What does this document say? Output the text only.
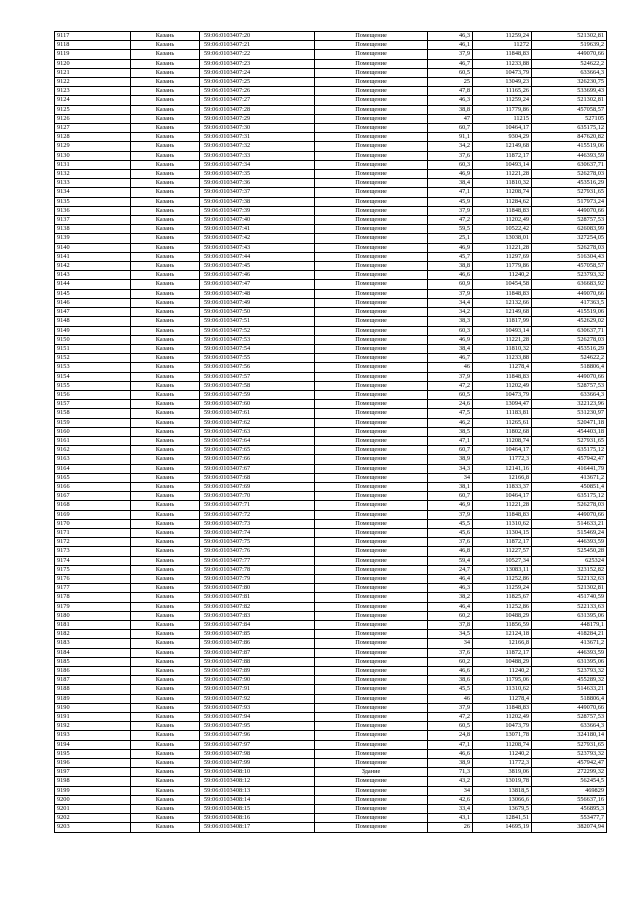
9117	Казань	59:06:0103407:20	Помещение	46,3	11259,24	521302,81
9118	Казань	59:06:0103407:21	Помещение	46,1	11272	519639,2
9119	Казань	59:06:0103407:22	Помещение	37,9	11848,83	449070,66
9120	Казань	59:06:0103407:23	Помещение	46,7	11233,88	524622,2
9121	Казань	59:06:0103407:24	Помещение	60,5	10473,79	633664,3
9122	Казань	59:06:0103407:25	Помещение	25	13049,23	326230,75
9123	Казань	59:06:0103407:26	Помещение	47,8	11165,26	533699,43
9124	Казань	59:06:0103407:27	Помещение	46,3	11259,24	521302,81
9125	Казань	59:06:0103407:28	Помещение	38,8	11779,86	457058,57
9126	Казань	59:06:0103407:29	Помещение	47	11215	527105
9127	Казань	59:06:0103407:30	Помещение	60,7	10464,17	635175,12
9128	Казань	59:06:0103407:31	Помещение	91,1	9304,29	847620,82
9129	Казань	59:06:0103407:32	Помещение	34,2	12149,68	415519,06
9130	Казань	59:06:0103407:33	Помещение	37,6	11872,17	446393,59
9131	Казань	59:06:0103407:34	Помещение	60,3	10493,14	630637,71
9132	Казань	59:06:0103407:35	Помещение	46,9	11221,28	526278,03
9133	Казань	59:06:0103407:36	Помещение	38,4	11810,32	453516,29
9134	Казань	59:06:0103407:37	Помещение	47,1	11208,74	527931,65
9135	Казань	59:06:0103407:38	Помещение	45,9	11284,62	517973,24
9136	Казань	59:06:0103407:39	Помещение	37,9	11848,83	449070,66
9137	Казань	59:06:0103407:40	Помещение	47,2	11202,49	528757,53
9138	Казань	59:06:0103407:41	Помещение	59,5	10522,42	626083,99
9139	Казань	59:06:0103407:42	Помещение	25,1	13038,01	327254,05
9140	Казань	59:06:0103407:43	Помещение	46,9	11221,28	526278,03
9141	Казань	59:06:0103407:44	Помещение	45,7	11297,69	516304,43
9142	Казань	59:06:0103407:45	Помещение	38,8	11779,86	457058,57
9143	Казань	59:06:0103407:46	Помещение	46,6	11240,2	523793,32
9144	Казань	59:06:0103407:47	Помещение	60,9	10454,58	636683,92
9145	Казань	59:06:0103407:48	Помещение	37,9	11848,83	449070,66
9146	Казань	59:06:0103407:49	Помещение	34,4	12132,66	417363,5
9147	Казань	59:06:0103407:50	Помещение	34,2	12149,68	415519,06
9148	Казань	59:06:0103407:51	Помещение	38,3	11817,99	452629,02
9149	Казань	59:06:0103407:52	Помещение	60,3	10493,14	630637,71
9150	Казань	59:06:0103407:53	Помещение	46,9	11221,28	526278,03
9151	Казань	59:06:0103407:54	Помещение	38,4	11810,32	453516,29
9152	Казань	59:06:0103407:55	Помещение	46,7	11233,88	524622,2
9153	Казань	59:06:0103407:56	Помещение	46	11278,4	518806,4
9154	Казань	59:06:0103407:57	Помещение	37,9	11848,83	449070,66
9155	Казань	59:06:0103407:58	Помещение	47,2	11202,49	528757,53
9156	Казань	59:06:0103407:59	Помещение	60,5	10473,79	633664,3
9157	Казань	59:06:0103407:60	Помещение	24,6	13094,47	322123,96
9158	Казань	59:06:0103407:61	Помещение	47,5	11183,81	531230,97
9159	Казань	59:06:0103407:62	Помещение	46,2	11265,61	520471,18
9160	Казань	59:06:0103407:63	Помещение	38,5	11802,68	454403,18
9161	Казань	59:06:0103407:64	Помещение	47,1	11208,74	527931,65
9162	Казань	59:06:0103407:65	Помещение	60,7	10464,17	635175,12
9163	Казань	59:06:0103407:66	Помещение	38,9	11772,3	457942,47
9164	Казань	59:06:0103407:67	Помещение	34,3	12141,16	416441,79
9165	Казань	59:06:0103407:68	Помещение	34	12166,8	413671,2
9166	Казань	59:06:0103407:69	Помещение	38,1	11833,37	450851,4
9167	Казань	59:06:0103407:70	Помещение	60,7	10464,17	635175,12
9168	Казань	59:06:0103407:71	Помещение	46,9	11221,28	526278,03
9169	Казань	59:06:0103407:72	Помещение	37,9	11848,83	449070,66
9170	Казань	59:06:0103407:73	Помещение	45,5	11310,62	514633,21
9171	Казань	59:06:0103407:74	Помещение	45,6	11304,15	515469,24
9172	Казань	59:06:0103407:75	Помещение	37,6	11872,17	446393,59
9173	Казань	59:06:0103407:76	Помещение	46,8	11227,57	525450,28
9174	Казань	59:06:0103407:77	Помещение	59,4	10527,34	625324
9175	Казань	59:06:0103407:78	Помещение	24,7	13083,11	323152,82
9176	Казань	59:06:0103407:79	Помещение	46,4	11252,86	522132,63
9177	Казань	59:06:0103407:80	Помещение	46,3	11259,24	521302,81
9178	Казань	59:06:0103407:81	Помещение	38,2	11825,67	451740,59
9179	Казань	59:06:0103407:82	Помещение	46,4	11252,86	522133,63
9180	Казань	59:06:0103407:83	Помещение	60,2	10488,29	631395,06
9181	Казань	59:06:0103407:84	Помещение	37,8	11856,59	448179,1
9182	Казань	59:06:0103407:85	Помещение	34,5	12124,18	418284,21
9183	Казань	59:06:0103407:86	Помещение	34	12166,8	413671,2
9184	Казань	59:06:0103407:87	Помещение	37,6	11872,17	446393,59
9185	Казань	59:06:0103407:88	Помещение	60,2	10488,29	631395,06
9186	Казань	59:06:0103407:89	Помещение	46,6	11240,2	523793,32
9187	Казань	59:06:0103407:90	Помещение	38,6	11795,06	455289,32
9188	Казань	59:06:0103407:91	Помещение	45,5	11310,62	514633,21
9189	Казань	59:06:0103407:92	Помещение	46	11278,4	518806,4
9190	Казань	59:06:0103407:93	Помещение	37,9	11848,83	449070,66
9191	Казань	59:06:0103407:94	Помещение	47,2	11202,49	528757,53
9192	Казань	59:06:0103407:95	Помещение	60,5	10473,79	633664,3
9193	Казань	59:06:0103407:96	Помещение	24,8	13071,78	324180,14
9194	Казань	59:06:0103407:97	Помещение	47,1	11208,74	527931,65
9195	Казань	59:06:0103407:98	Помещение	46,6	11240,2	523793,32
9196	Казань	59:06:0103407:99	Помещение	38,9	11772,3	457942,47
9197	Казань	59:06:0103408:10	Здание	71,3	3819,06	272299,32
9198	Казань	59:06:0103408:12	Помещение	43,2	13019,78	562454,5
9199	Казань	59:06:0103408:13	Помещение	34	13818,5	469829
9200	Казань	59:06:0103408:14	Помещение	42,6	13066,6	556637,16
9201	Казань	59:06:0103408:15	Помещение	33,4	13679,5	456895,3
9202	Казань	59:06:0103408:16	Помещение	43,1	12841,51	553477,7
9203	Казань	59:06:0103408:17	Помещение	26	14695,19	382074,94
